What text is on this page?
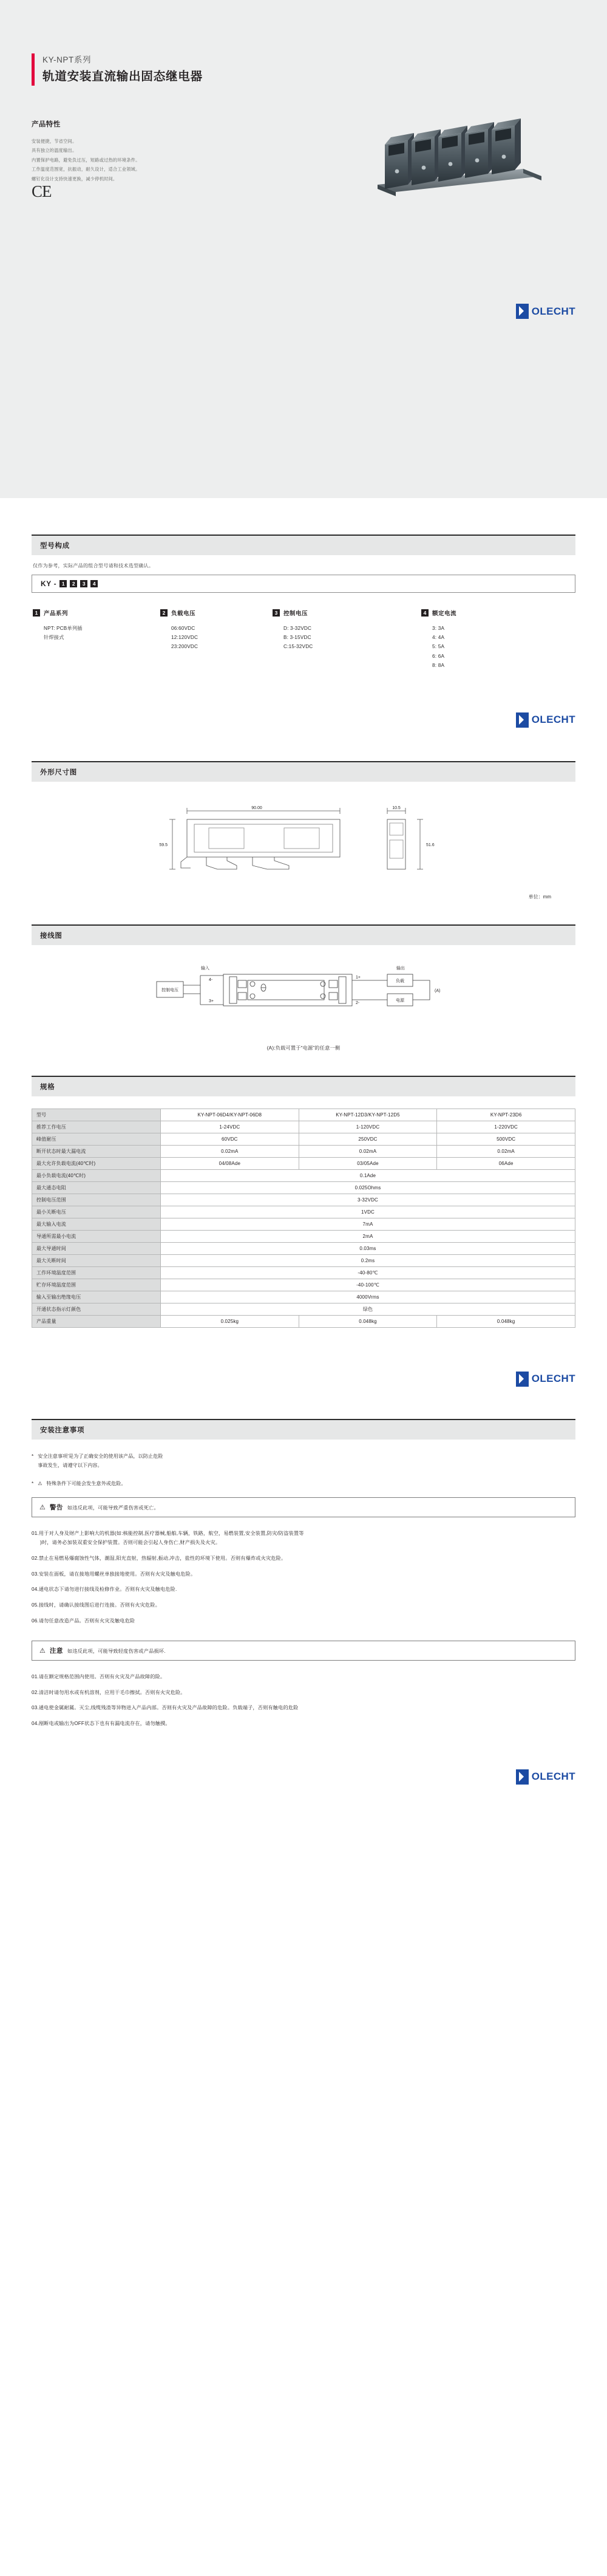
KY-NPT系列
轨道安装直流输出固态继电器
产品特性

安装便捷，节省空间。

具有独立的温度输出。

内置保护电路，避免负过压，短路或过热的环境条件。

工作温度范围宽，抗振动，耐久设计，适合工业领域。

螺钉化设计支持快速更换，减少停机时间。

CE
OLECHT
型号构成
仅作为参考，实际产品的组合型号请和技术选型确认。
KY -	1	2	3	4
1	产品系列
NPT: PCB单列插
针焊接式
2	负载电压
06:60VDC
12:120VDC
23:200VDC
3	控制电压
D: 3-32VDC
B: 3-15VDC
C:15-32VDC
4	额定电流
3: 3A
4: 4A
5: 5A
6: 6A
8: 8A
OLECHT
外形尺寸图
90.00
59.5
10.5
51.6
单位：mm
接线图
输入	输出
控制电压
4-
3+
1+
2-
负载
电源
(A)
(A):负载可置于“电源”的任意一侧
规格
型号	KY-NPT-06D4/KY-NPT-06D8	KY-NPT-12D3/KY-NPT-12D5	KY-NPT-23D6
推荐工作电压	1-24VDC	1-120VDC	1-220VDC
峰值耐压	60VDC	250VDC	500VDC
断开状态时最大漏电流	0.02mA	0.02mA	0.02mA
最大允许负载电流(40℃时)	04/08Ade	03/05Ade	06Ade
最小负载电流(40℃时)	0.1Ade		
最大通态电阻	0.025Ohms		
控制电压范围	3-32VDC		
最小关断电压	1VDC		
最大输入电流	7mA		
导通所需最小电流	2mA		
最大导通时间	0.03ms		
最大关断时间	0.2ms		
工作环境温度范围	-40-80℃		
贮存环境温度范围	-40-100℃		
输入至输出绝缘电压	4000Vrms		
开通状态指示灯颜色	绿色		
产品重量	0.025kg	0.048kg	0.048kg
OLECHT
安装注意事项
* 安全注意事项'是为了正确安全的使用该产品，以防止危险
事故发生，请遵守以下内容。
* ⚠ 特殊条件下可能会发生意外或危险。
⚠ 警告 如违反此项，可能导致严重伤害或死亡。
01.用于对人身及财产上影响大的机器(如:核能控制,医疗器械,船舶,车辆，铁路，航空，易燃装置,安全装置,防灾/防盗装置等
)时，请务必加装双重安全保护装置。否则可能会引起人身伤亡,财产损失及火灾。
02.禁止在易燃易爆腐蚀性气体，潮湿,阳光直射，热辐射,振动,冲击，盐性的环境下使用。否则有爆炸或火灾危险。
03.安装在面板，请在接地用螺丝单独接地使用。否则有火灾及触电危险。
04.通电状态下请勿进行接线及检修作业。否则有火灾及触电危险.
05.接线时，请确认接线图后进行连接。否则有火灾危险。
06.请勿任意改造产品。否则有火灾及触电危险
⚠ 注意 如违反此项，可能导致轻度伤害或产品损坏.
01.请在额定规格范围内使用。否则有火灾及产品故障的险。
02.清洁时请勿用水或有机溶剂，应用干毛巾擦拭。否则有火灾危险。
03.通电使金属耐属。灭尘,线缆残渣等异物进入产品内部。否则有火灾及产品故障的危险。负载端子，否则有触电的危险
04.剐断电或输出为OFF状态下也有有漏电流存在，请勿触摸。
OLECHT
